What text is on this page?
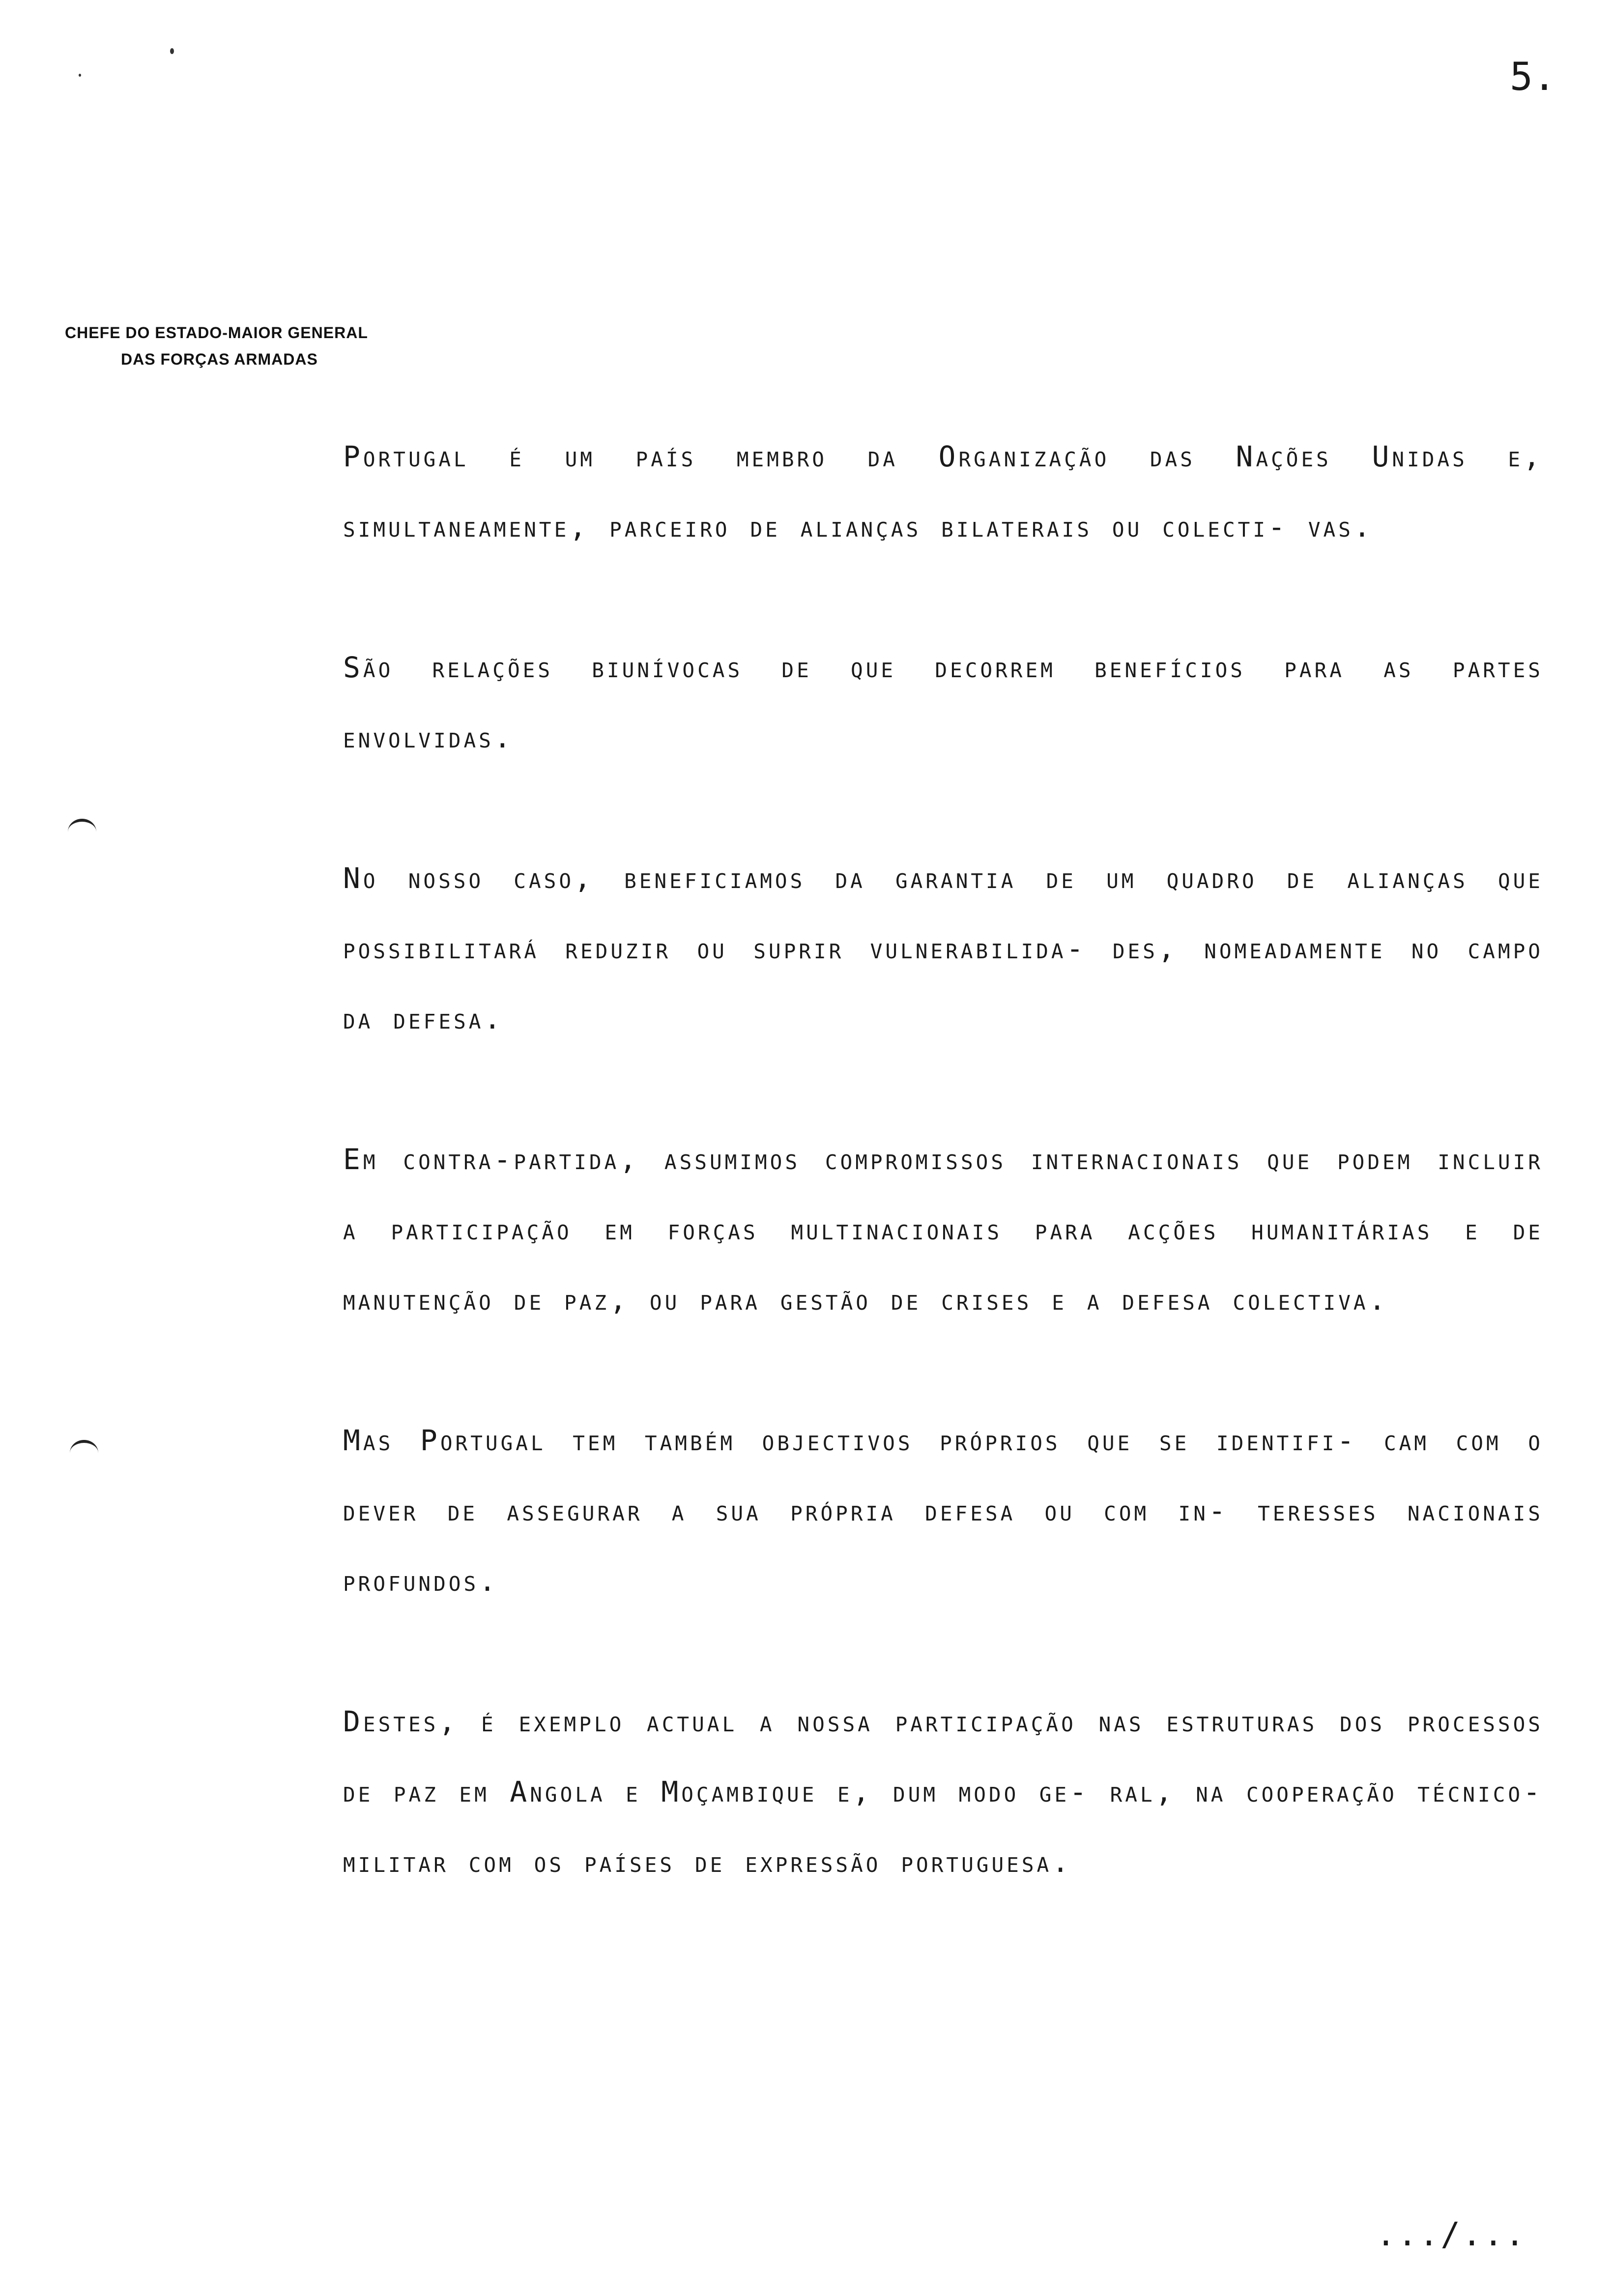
5.
CHEFE DO ESTADO-MAIOR GENERAL
DAS FORÇAS ARMADAS

Portugal é um país membro da Organização das Nações Unidas e, simultaneamente, parceiro de alianças bilaterais ou colecti- vas.

São relações biunívocas de que decorrem benefícios para as partes envolvidas.

No nosso caso, beneficiamos da garantia de um quadro de alianças que possibilitará reduzir ou suprir vulnerabilida- des, nomeadamente no campo da defesa.

Em contra-partida, assumimos compromissos internacionais que podem incluir a participação em forças multinacionais para acções humanitárias e de manutenção de paz, ou para gestão de crises e a defesa colectiva.

Mas Portugal tem também objectivos próprios que se identifi- cam com o dever de assegurar a sua própria defesa ou com in- teresses nacionais profundos.

Destes, é exemplo actual a nossa participação nas estruturas dos processos de paz em Angola e Moçambique e, dum modo ge- ral, na cooperação técnico-militar com os países de expressão portuguesa.

.../...
